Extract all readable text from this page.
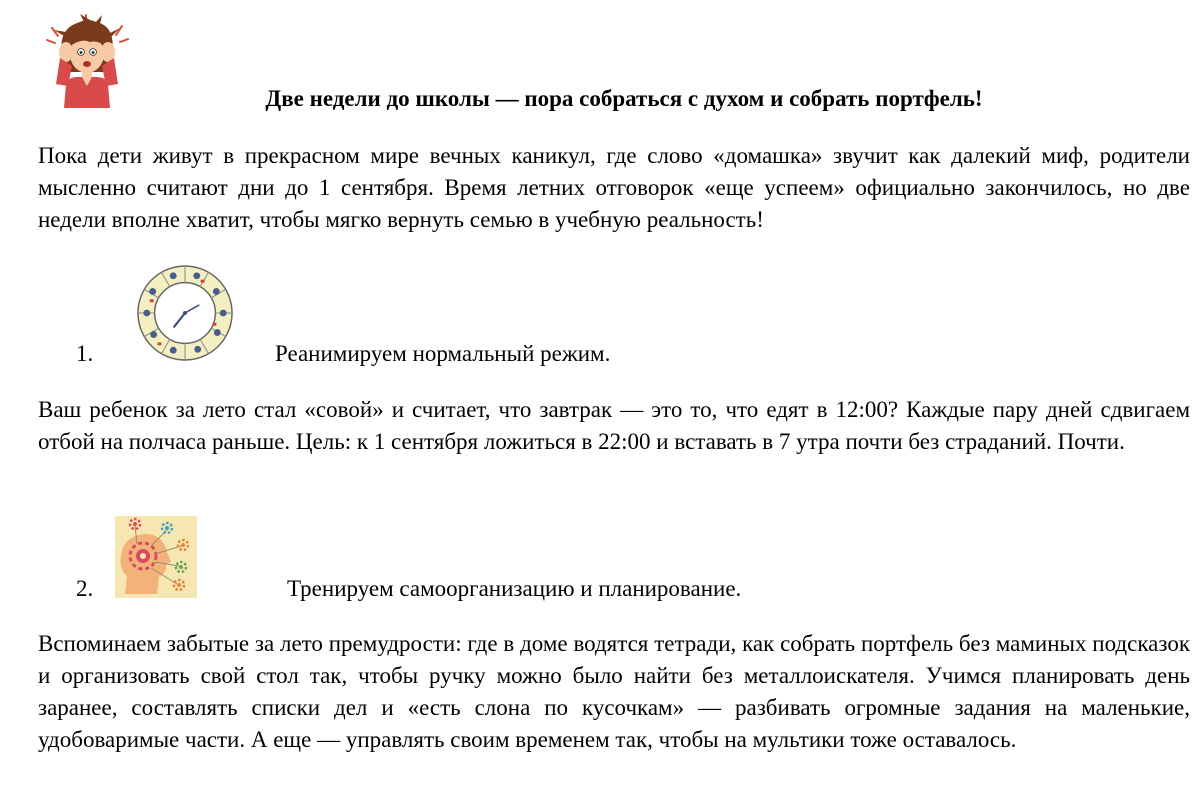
Две недели до школы — пора собраться с духом и собрать портфель!

Пока дети живут в прекрасном мире вечных каникул, где слово «домашка» звучит как далекий миф, родители мысленно считают дни до 1 сентября. Время летних отговорок «еще успеем» официально закончилось, но две недели вполне хватит, чтобы мягко вернуть семью в учебную реальность!

1.	Реанимируем нормальный режим.

Ваш ребенок за лето стал «совой» и считает, что завтрак — это то, что едят в 12:00? Каждые пару дней сдвигаем отбой на полчаса раньше. Цель: к 1 сентября ложиться в 22:00 и вставать в 7 утра почти без страданий. Почти.

2.	Тренируем самоорганизацию и планирование.

Вспоминаем забытые за лето премудрости: где в доме водятся тетради, как собрать портфель без маминых подсказок и организовать свой стол так, чтобы ручку можно было найти без металлоискателя. Учимся планировать день заранее, составлять списки дел и «есть слона по кусочкам» — разбивать огромные задания на маленькие, удобоваримые части. А еще — управлять своим временем так, чтобы на мультики тоже оставалось.
